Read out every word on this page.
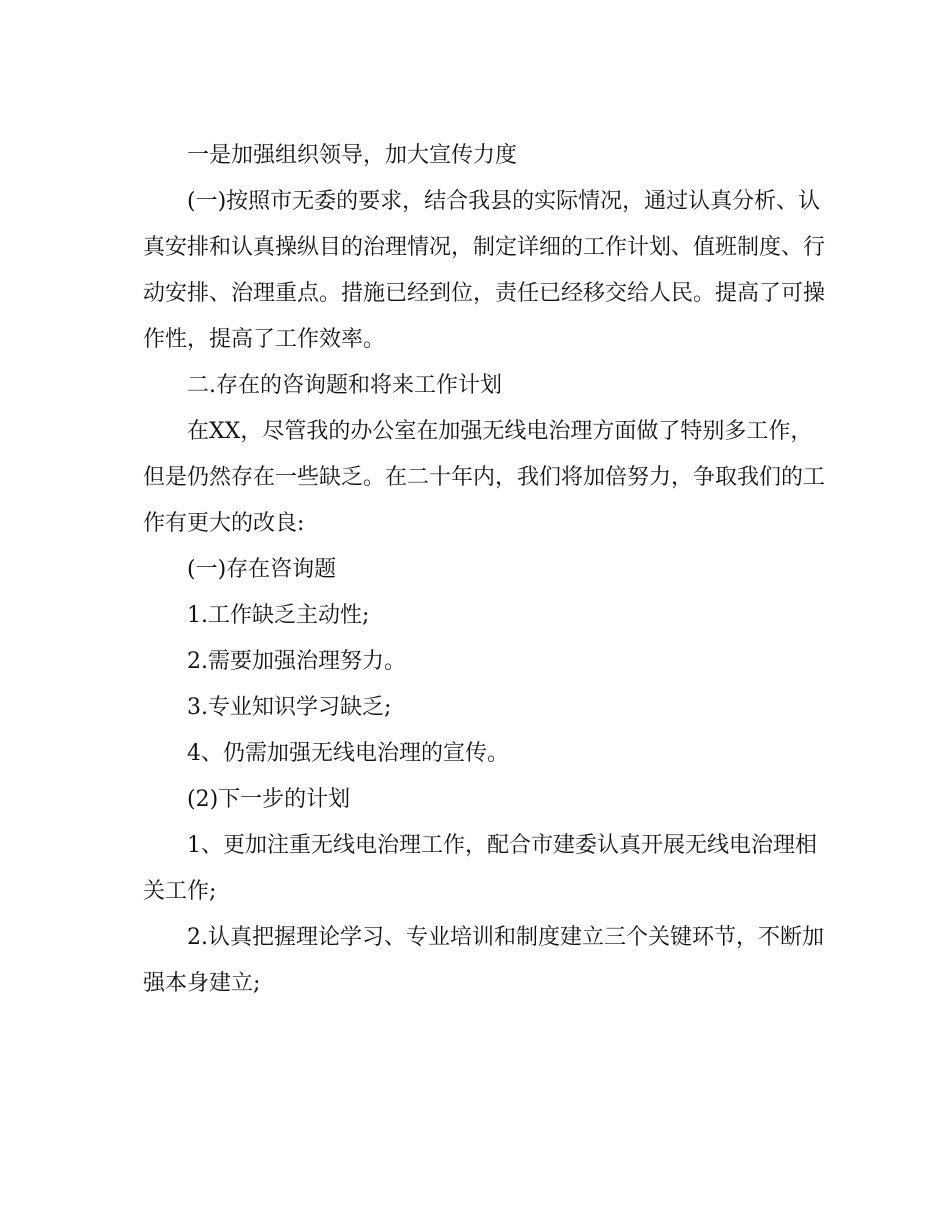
一是加强组织领导，加大宣传力度

(一)按照市无委的要求，结合我县的实际情况，通过认真分析、认真安排和认真操纵目的治理情况，制定详细的工作计划、值班制度、行动安排、治理重点。措施已经到位，责任已经移交给人民。提高了可操作性，提高了工作效率。

二.存在的咨询题和将来工作计划

在XX，尽管我的办公室在加强无线电治理方面做了特别多工作，但是仍然存在一些缺乏。在二十年内，我们将加倍努力，争取我们的工作有更大的改良:

(一)存在咨询题

1.工作缺乏主动性;

2.需要加强治理努力。

3.专业知识学习缺乏;

4、仍需加强无线电治理的宣传。

(2)下一步的计划

1、更加注重无线电治理工作，配合市建委认真开展无线电治理相关工作;

2.认真把握理论学习、专业培训和制度建立三个关键环节，不断加强本身建立;
